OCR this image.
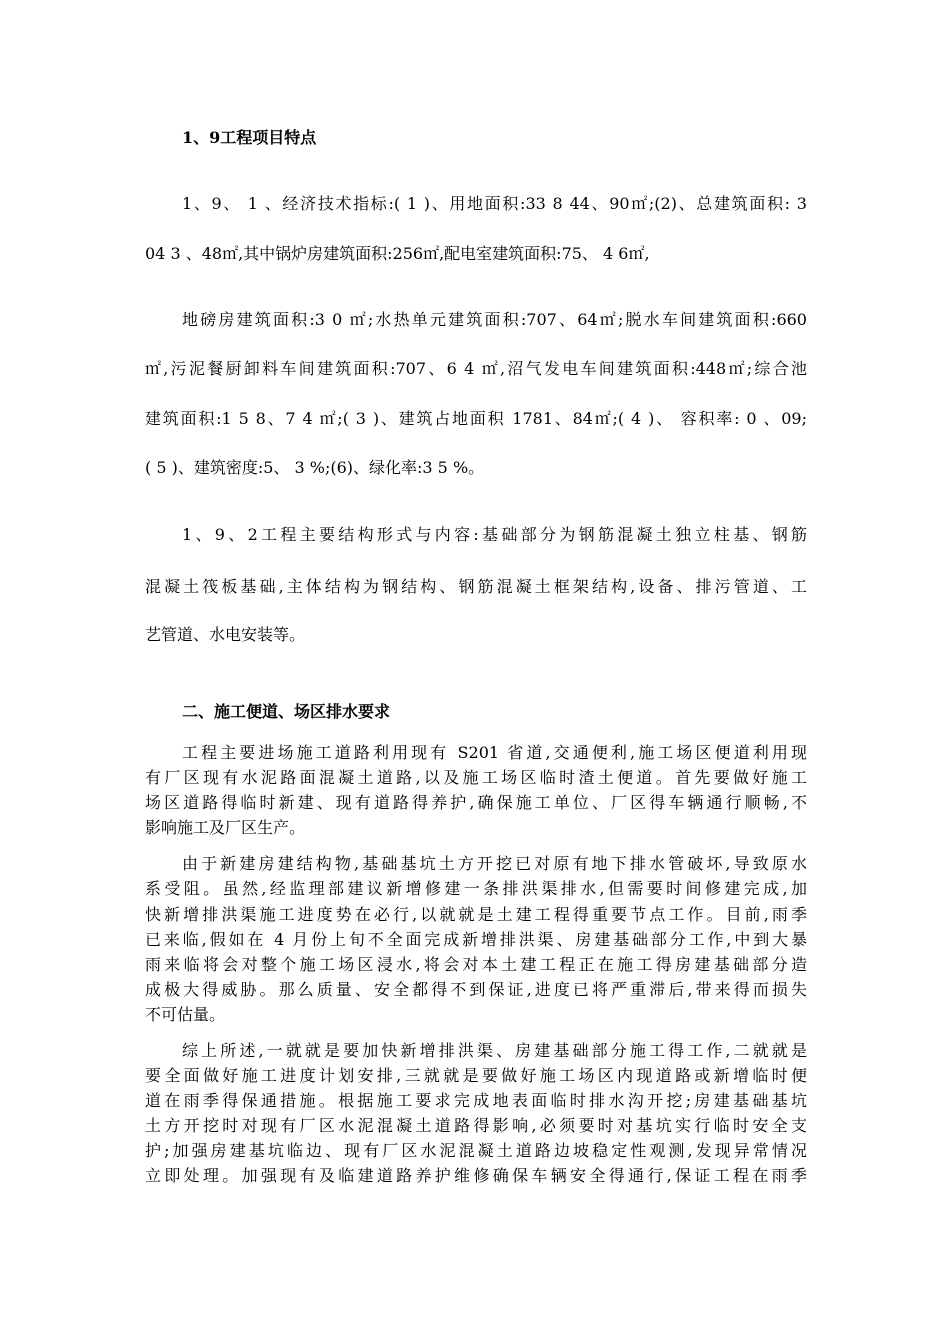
1、9工程项目特点
1、9、 1 、经济技术指标:( 1 )、用地面积:33 8 44、90㎡;(2)、总建筑面积: 3
04 3 、48㎡,其中锅炉房建筑面积:256㎡,配电室建筑面积:75、 4 6㎡,
地磅房建筑面积:3 0 ㎡;水热单元建筑面积:707、64㎡;脱水车间建筑面积:660
㎡,污泥餐厨卸料车间建筑面积:707、6 4 ㎡,沼气发电车间建筑面积:448㎡;综合池
建筑面积:1 5 8、7 4 ㎡;( 3 )、建筑占地面积 1781、84㎡;( 4 )、 容积率: 0 、09;
( 5 )、建筑密度:5、 3 %;(6)、绿化率:3 5 %。
1、9、2工程主要结构形式与内容:基础部分为钢筋混凝土独立柱基、钢筋
混凝土筏板基础,主体结构为钢结构、钢筋混凝土框架结构,设备、排污管道、工
艺管道、水电安装等。
二、施工便道、场区排水要求
工程主要进场施工道路利用现有 S201 省道,交通便利,施工场区便道利用现
有厂区现有水泥路面混凝土道路,以及施工场区临时渣土便道。首先要做好施工
场区道路得临时新建、现有道路得养护,确保施工单位、厂区得车辆通行顺畅,不
影响施工及厂区生产。
由于新建房建结构物,基础基坑土方开挖已对原有地下排水管破坏,导致原水
系受阻。虽然,经监理部建议新增修建一条排洪渠排水,但需要时间修建完成,加
快新增排洪渠施工进度势在必行,以就就是土建工程得重要节点工作。目前,雨季
已来临,假如在 4 月份上旬不全面完成新增排洪渠、房建基础部分工作,中到大暴
雨来临将会对整个施工场区浸水,将会对本土建工程正在施工得房建基础部分造
成极大得威胁。那么质量、安全都得不到保证,进度已将严重滞后,带来得而损失
不可估量。
综上所述,一就就是要加快新增排洪渠、房建基础部分施工得工作,二就就是
要全面做好施工进度计划安排,三就就是要做好施工场区内现道路或新增临时便
道在雨季得保通措施。根据施工要求完成地表面临时排水沟开挖;房建基础基坑
土方开挖时对现有厂区水泥混凝土道路得影响,必须要时对基坑实行临时安全支
护;加强房建基坑临边、现有厂区水泥混凝土道路边坡稳定性观测,发现异常情况
立即处理。加强现有及临建道路养护维修确保车辆安全得通行,保证工程在雨季
